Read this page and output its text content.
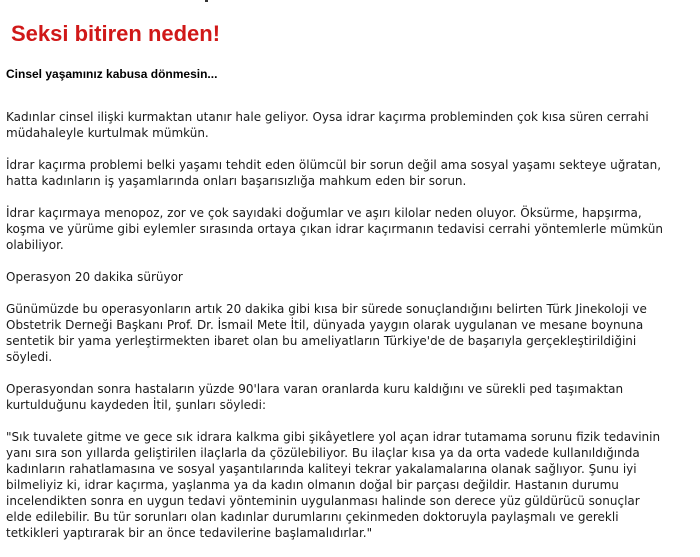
Seksi bitiren neden!
Cinsel yaşamınız kabusa dönmesin...

Kadınlar cinsel ilişki kurmaktan utanır hale geliyor. Oysa idrar kaçırma probleminden çok kısa süren cerrahi
müdahaleyle kurtulmak mümkün.

İdrar kaçırma problemi belki yaşamı tehdit eden ölümcül bir sorun değil ama sosyal yaşamı sekteye uğratan,
hatta kadınların iş yaşamlarında onları başarısızlığa mahkum eden bir sorun.

İdrar kaçırmaya menopoz, zor ve çok sayıdaki doğumlar ve aşırı kilolar neden oluyor. Öksürme, hapşırma,
koşma ve yürüme gibi eylemler sırasında ortaya çıkan idrar kaçırmanın tedavisi cerrahi yöntemlerle mümkün
olabiliyor.

Operasyon 20 dakika sürüyor

Günümüzde bu operasyonların artık 20 dakika gibi kısa bir sürede sonuçlandığını belirten Türk Jinekoloji ve
Obstetrik Derneği Başkanı Prof. Dr. İsmail Mete İtil, dünyada yaygın olarak uygulanan ve mesane boynuna
sentetik bir yama yerleştirmekten ibaret olan bu ameliyatların Türkiye'de de başarıyla gerçekleştirildiğini
söyledi.

Operasyondan sonra hastaların yüzde 90'lara varan oranlarda kuru kaldığını ve sürekli ped taşımaktan
kurtulduğunu kaydeden İtil, şunları söyledi:

"Sık tuvalete gitme ve gece sık idrara kalkma gibi şikâyetlere yol açan idrar tutamama sorunu fizik tedavinin
yanı sıra son yıllarda geliştirilen ilaçlarla da çözülebiliyor. Bu ilaçlar kısa ya da orta vadede kullanıldığında
kadınların rahatlamasına ve sosyal yaşantılarında kaliteyi tekrar yakalamalarına olanak sağlıyor. Şunu iyi
bilmeliyiz ki, idrar kaçırma, yaşlanma ya da kadın olmanın doğal bir parçası değildir. Hastanın durumu
incelendikten sonra en uygun tedavi yönteminin uygulanması halinde son derece yüz güldürücü sonuçlar
elde edilebilir. Bu tür sorunları olan kadınlar durumlarını çekinmeden doktoruyla paylaşmalı ve gerekli
tetkikleri yaptırarak bir an önce tedavilerine başlamalıdırlar."
